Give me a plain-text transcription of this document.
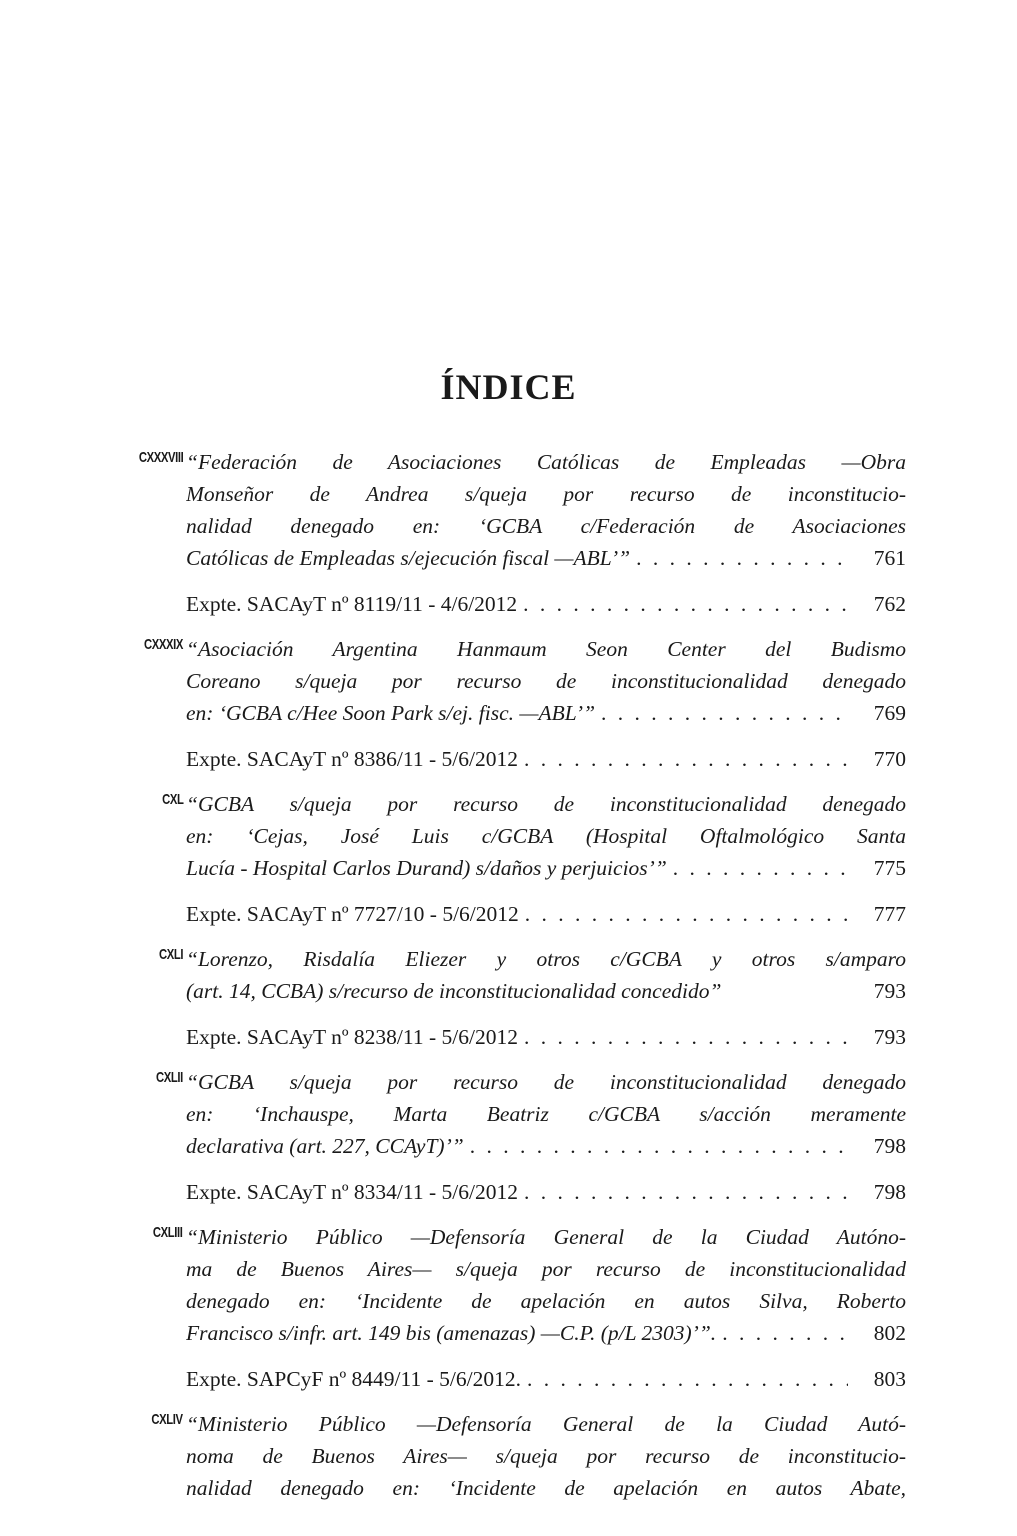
ÍNDICE
CXXXVIII “Federación de Asociaciones Católicas de Empleadas —Obra
Monseñor de Andrea s/queja por recurso de inconstitucio-
nalidad denegado en: ‘GCBA c/Federación de Asociaciones
Católicas de Empleadas s/ejecución fiscal —ABL’” . . .	761
Expte. SACAyT nº 8119/11 - 4/6/2012 . . .	762
CXXXIX “Asociación Argentina Hanmaum Seon Center del Budismo
Coreano s/queja por recurso de inconstitucionalidad denegado
en: ‘GCBA c/Hee Soon Park s/ej. fisc. —ABL’” . . .	769
Expte. SACAyT nº 8386/11 - 5/6/2012 . . .	770
CXL “GCBA s/queja por recurso de inconstitucionalidad denegado
en: ‘Cejas, José Luis c/GCBA (Hospital Oftalmológico Santa
Lucía - Hospital Carlos Durand) s/daños y perjuicios’” . . .	775
Expte. SACAyT nº 7727/10 - 5/6/2012 . . .	777
CXLI “Lorenzo, Risdalía Eliezer y otros c/GCBA y otros s/amparo
(art. 14, CCBA) s/recurso de inconstitucionalidad concedido”	793
Expte. SACAyT nº 8238/11 - 5/6/2012 . . .	793
CXLII “GCBA s/queja por recurso de inconstitucionalidad denegado
en: ‘Inchauspe, Marta Beatriz c/GCBA s/acción meramente
declarativa (art. 227, CCAyT)’” . . .	798
Expte. SACAyT nº 8334/11 - 5/6/2012 . . .	798
CXLIII “Ministerio Público —Defensoría General de la Ciudad Autóno-
ma de Buenos Aires— s/queja por recurso de inconstitucionalidad
denegado en: ‘Incidente de apelación en autos Silva, Roberto
Francisco s/infr. art. 149 bis (amenazas) —C.P. (p/L 2303)’”. . . .	802
Expte. SAPCyF nº 8449/11 - 5/6/2012. . . .	803
CXLIV “Ministerio Público —Defensoría General de la Ciudad Autó-
noma de Buenos Aires— s/queja por recurso de inconstitucio-
nalidad denegado en: ‘Incidente de apelación en autos Abate,
